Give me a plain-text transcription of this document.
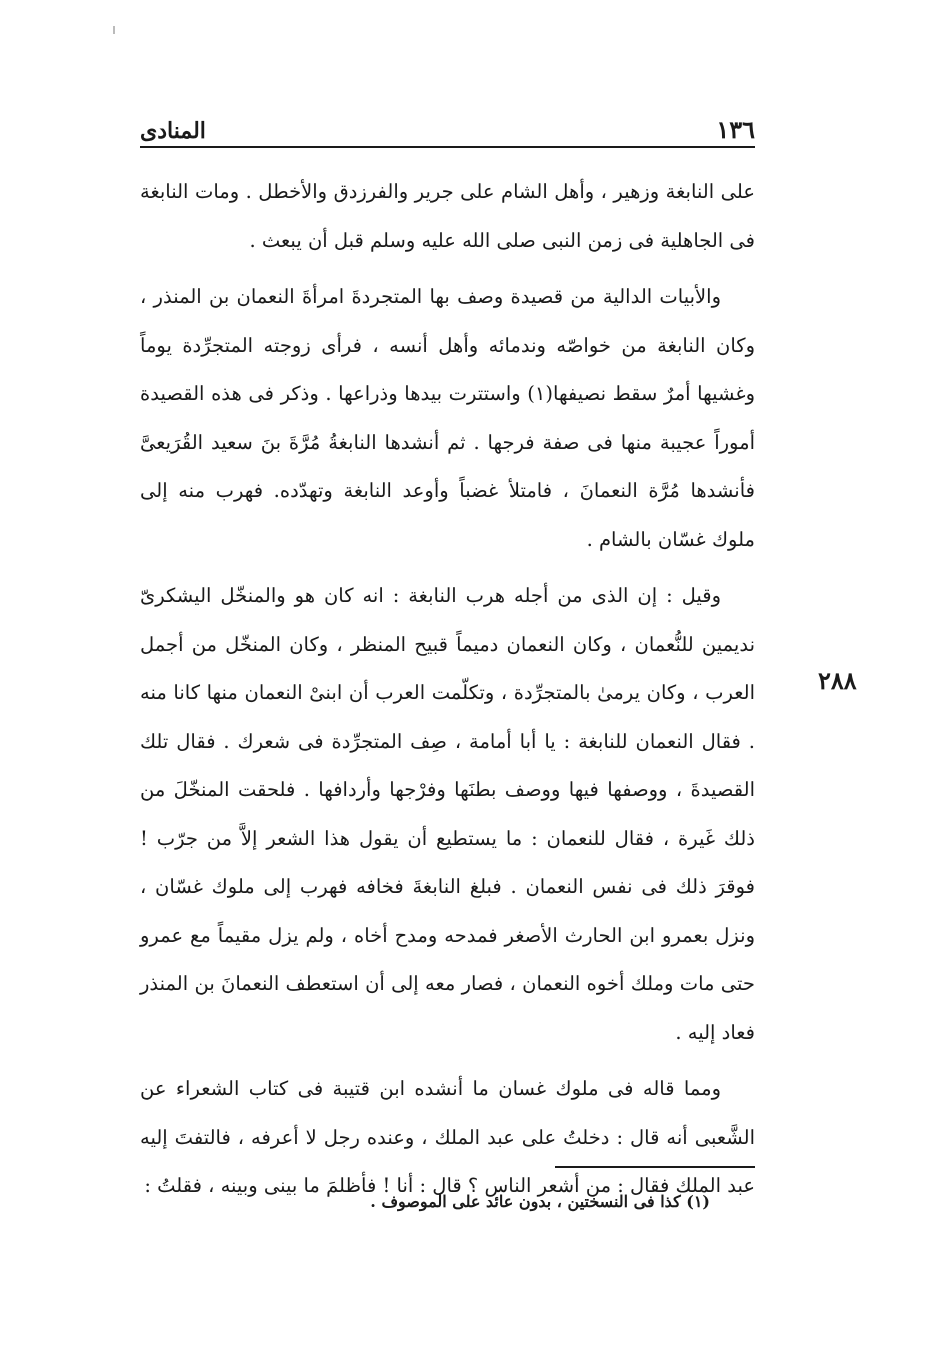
١٣٦
المنادى

على النابغة وزهير ، وأهل الشام على جرير والفرزدق والأخطل . ومات النابغة فى الجاهلية فى زمن النبى صلى الله عليه وسلم قبل أن يبعث .

والأبيات الدالية من قصيدة وصف بها المتجردةَ امرأةَ النعمان بن المنذر ، وكان النابغة من خواصّه وندمائه وأهل أنسه ، فرأى زوجته المتجرِّدة يوماً وغشيها أمرٌ سقط نصيفها(١) واستترت بيدها وذراعها . وذكر فى هذه القصيدة أموراً عجيبة منها فى صفة فرجها . ثم أنشدها النابغةُ مُرَّةَ بنَ سعيد القُرَيعىَّ فأنشدها مُرَّة النعمانَ ، فامتلأ غضباً وأوعد النابغة وتهدّده. فهرب منه إلى ملوك غسّان بالشام .

وقيل : إن الذى من أجله هرب النابغة : انه كان هو والمنخّل اليشكرىّ نديمين للنُّعمان ، وكان النعمان دميماً قبيح المنظر ، وكان المنخّل من أجمل العرب ، وكان يرمىٰ بالمتجرِّدة ، وتكلّمت العرب أن ابنىْ النعمان منها كانا منه . فقال النعمان للنابغة : يا أبا أمامة ، صِف المتجرِّدة فى شعرك . فقال تلك القصيدةَ ، ووصفها فيها ووصف بطنَها وفرْجها وأردافها . فلحقت المنخّلَ من ذلك غَيرة ، فقال للنعمان : ما يستطيع أن يقول هذا الشعر إلاَّ من جرّب ! فوقرَ ذلك فى نفس النعمان . فبلغ النابغةَ فخافه فهرب إلى ملوك غسّان ، ونزل بعمرو ابن الحارث الأصغر فمدحه ومدح أخاه ، ولم يزل مقيماً مع عمرو حتى مات وملك أخوه النعمان ، فصار معه إلى أن استعطف النعمانَ بن المنذر فعاد إليه .

ومما قاله فى ملوك غسان ما أنشده ابن قتيبة فى كتاب الشعراء عن الشَّعبى أنه قال : دخلتُ على عبد الملك ، وعنده رجل لا أعرفه ، فالتفتَ إليه عبد الملك فقال : من أشعر الناس ؟ قال : أنا ! فأظلمَ ما بينى وبينه ، فقلتُ :

٢٨٨
(١) كذا فى النسختين ، بدون عائد على الموصوف .
